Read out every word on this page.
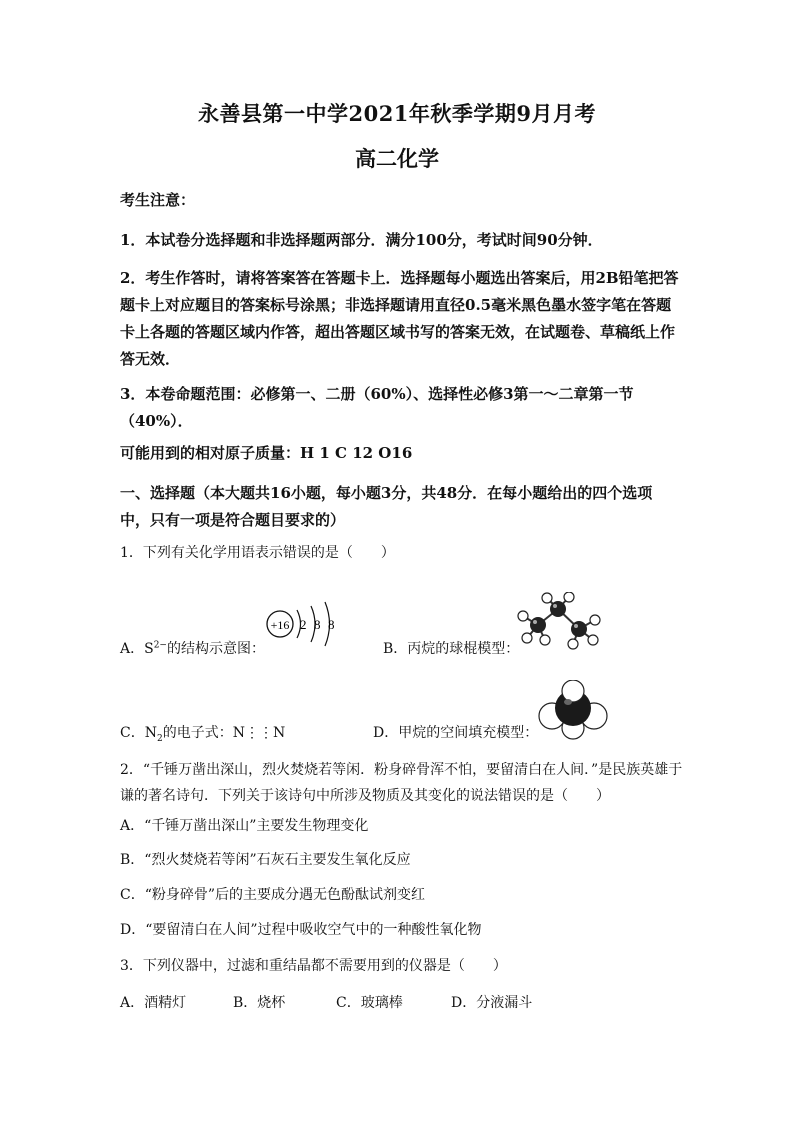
永善县第一中学2021年秋季学期9月月考
高二化学
考生注意：
1．本试卷分选择题和非选择题两部分．满分100分，考试时间90分钟．
2．考生作答时，请将答案答在答题卡上．选择题每小题选出答案后，用2B铅笔把答题卡上对应题目的答案标号涂黑；非选择题请用直径0.5毫米黑色墨水签字笔在答题卡上各题的答题区域内作答，超出答题区域书写的答案无效，在试题卷、草稿纸上作答无效．
3．本卷命题范围：必修第一、二册（60%）、选择性必修3第一～二章第一节（40%）．
可能用到的相对原子质量：H 1 C 12 O16
一、选择题（本大题共16小题，每小题3分，共48分．在每小题给出的四个选项中，只有一项是符合题目要求的）
1．下列有关化学用语表示错误的是（　　）
A．$S^{2-}$的结构示意图：
+16 2 8 8
B．丙烷的球棍模型：
C．$N_2$的电子式：N⋮⋮N	D．甲烷的空间填充模型：
2．“千锤万凿出深山，烈火焚烧若等闲．粉身碎骨浑不怕，要留清白在人间．”是民族英雄于谦的著名诗句．下列关于该诗句中所涉及物质及其变化的说法错误的是（　　）
A．“千锤万凿出深山”主要发生物理变化
B．“烈火焚烧若等闲”石灰石主要发生氧化反应
C．“粉身碎骨”后的主要成分遇无色酚酞试剂变红
D．“要留清白在人间”过程中吸收空气中的一种酸性氧化物
3．下列仪器中，过滤和重结晶都不需要用到的仪器是（　　）
A．酒精灯	B．烧杯	C．玻璃棒	D．分液漏斗
